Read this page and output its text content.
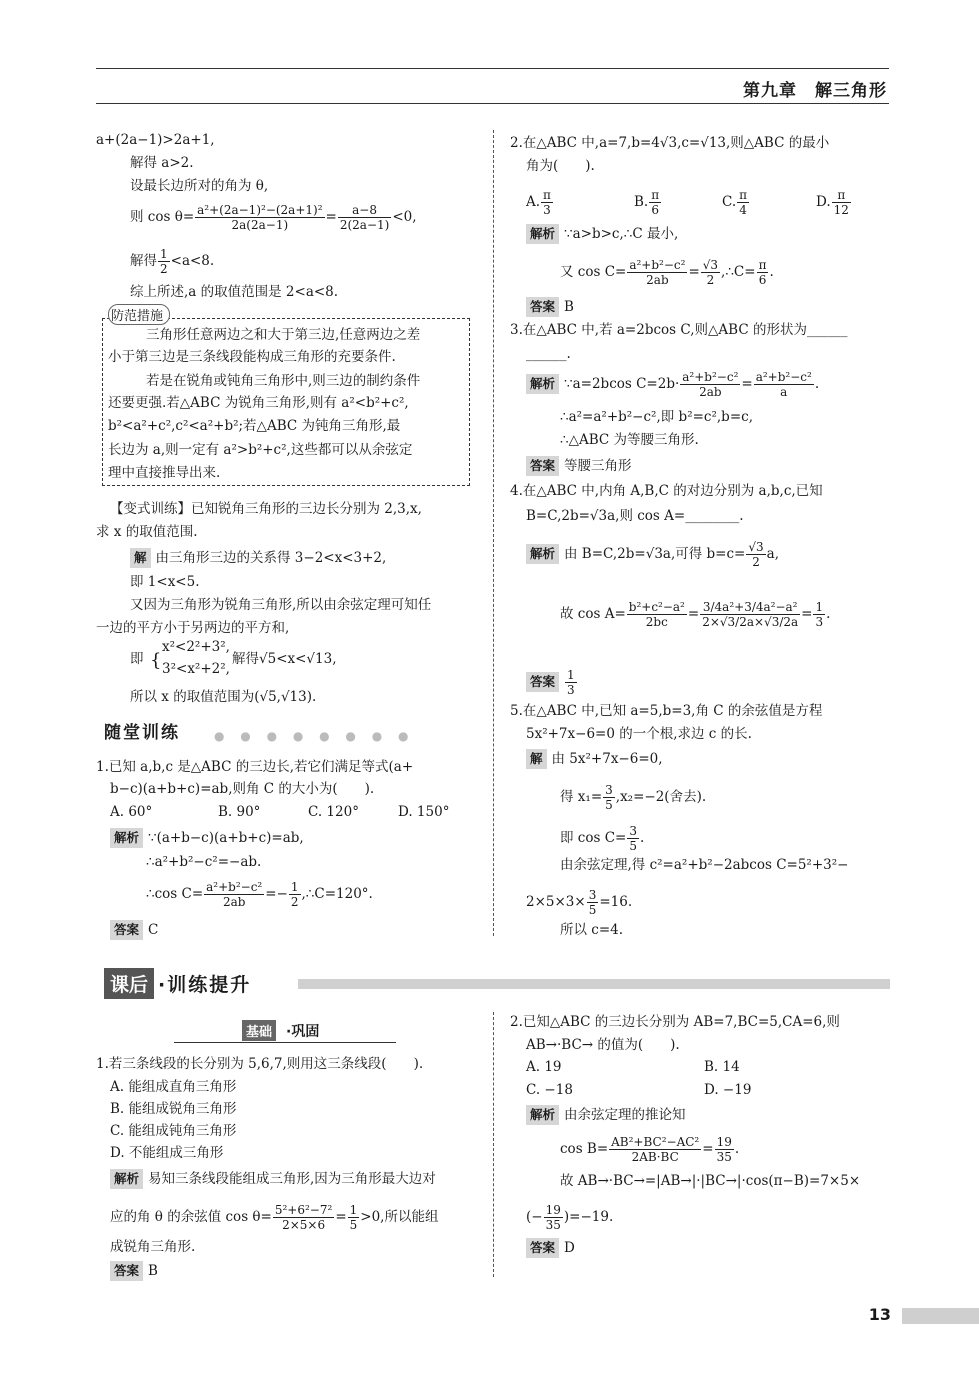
第九章　解三角形
a+(2a−1)>2a+1,
解得 a>2.
设最长边所对的角为 θ,
则 $\cos \theta= \frac{\text{a²+(2a−1)²−(2a+1)²}}{2a(2a-1)} = \frac{a-8}{2(2a-1)} <0$,
解得 $\frac{1}{2} <a<8$.
综上所述,a 的取值范围是 2<a<8.
防范措施
三角形任意两边之和大于第三边,任意两边之差
小于第三边是三条线段能构成三角形的充要条件.
若是在锐角或钝角三角形中,则三边的制约条件
还要更强.若△ABC 为锐角三角形,则有 a²<b²+c²,
b²<a²+c²,c²<a²+b²;若△ABC 为钝角三角形,最
长边为 a,则一定有 a²>b²+c²,这些都可以从余弦定
理中直接推导出来.
【变式训练】已知锐角三角形的三边长分别为 2,3,x,
求 x 的取值范围.
解 由三角形三边的关系得 3−2<x<3+2,
即 1<x<5.
又因为三角形为锐角三角形,所以由余弦定理可知任
一边的平方小于另两边的平方和,
即 {
x²<2²+3²,
3²<x²+2²,
解得√5<x<√13,
所以 x 的取值范围为(√5,√13).
随堂训练	● ● ● ● ● ● ● ●
1.已知 a,b,c 是△ABC 的三边长,若它们满足等式(a+
b−c)(a+b+c)=ab,则角 C 的大小为(　　).
A. 60°	B. 90°	C. 120°	D. 150°
解析 ∵(a+b−c)(a+b+c)=ab,
∴a²+b²−c²=−ab.
∴cos $C= \frac{\text{a²+b²−c²}}{2ab} =- \frac{1}{2}$ ,∴C=120°.
答案 C
2.在△ABC 中,a=7,b=4√3,c=√13,则△ABC 的最小
角为(　　).
A. $\frac{\pi}{3}$	B. $\frac{\pi}{6}$	C. $\frac{\pi}{4}$	D. $\frac{\pi}{12}$
解析 ∵a>b>c,∴C 最小,
又 $\cos C= \frac{\text{a²+b²−c²}}{2ab} = \frac{√3}{2}$ ,∴C= $\frac{\pi}{6}$ .
答案 B
3.在△ABC 中,若 a=2bcos C,则△ABC 的形状为______
______.
解析 ∵a=2bcos $C=2b\cdot \frac{\text{a²+b²−c²}}{2ab} = \frac{\text{a²+b²−c²}}{a}$ .
∴a²=a²+b²−c²,即 b²=c²,b=c,
∴△ABC 为等腰三角形.
答案 等腰三角形
4.在△ABC 中,内角 A,B,C 的对边分别为 a,b,c,已知
B=C,2b=√3a,则 cos A=________.
解析 由 B=C,2b=√3a,可得 $b=c= \frac{√3}{2} a$,
故 $\cos A= \frac{\text{b²+c²−a²}}{2bc} = \frac{\text{3/4a²+3/4a²−a²}}{2\times√3/2a\times√3/2a} = \frac{1}{3}$ .
答案 $\frac{1}{3}$
5.在△ABC 中,已知 a=5,b=3,角 C 的余弦值是方程
5x²+7x−6=0 的一个根,求边 c 的长.
解 由 5x²+7x−6=0,
得 $x_1= \frac{3}{5} ,x_2=-2$(舍去).
即 $\cos C= \frac{3}{5}$ .
由余弦定理,得 c²=a²+b²−2abcos C=5²+3²−
$2\times 5\times 3\times \frac{3}{5} =16$.
所以 c=4.
课后 ·训练提升
基础 ·巩固
1.若三条线段的长分别为 5,6,7,则用这三条线段(　　).
A. 能组成直角三角形
B. 能组成锐角三角形
C. 能组成钝角三角形
D. 不能组成三角形
解析 易知三条线段能组成三角形,因为三角形最大边对
应的角 θ 的余弦值 $\cos \theta= \frac{\text{5²+6²−7²}}{2\times 5\times 6} = \frac{1}{5} >0$,所以能组
成锐角三角形.
答案 B
2.已知△ABC 的三边长分别为 AB=7,BC=5,CA=6,则
AB→·BC→ 的值为(　　).
A. 19	B. 14
C. −18	D. −19
解析 由余弦定理的推论知
$\cos B= \frac{\text{AB²+BC²−AC²}}{2AB\cdot BC} = \frac{19}{35}$ .
故 AB→·BC→=|AB→|·|BC→|·cos(π−B)=7×5×
(− $\frac{19}{35} )=-19$.
答案 D
13
